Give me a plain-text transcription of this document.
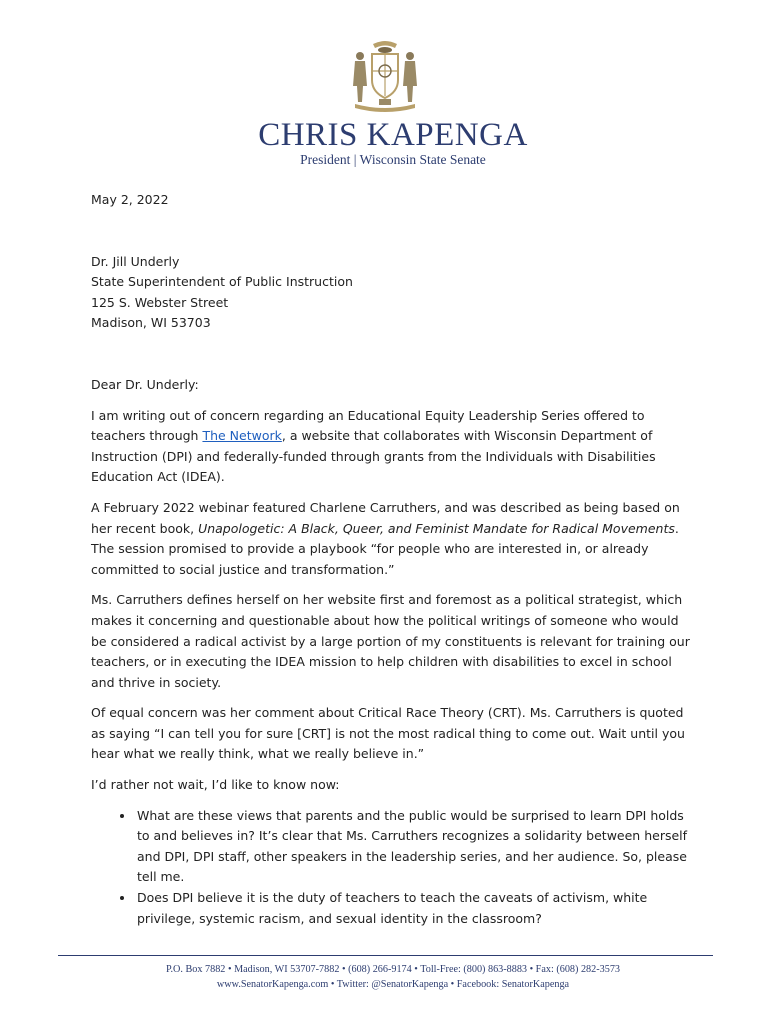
CHRIS KAPENGA
President | Wisconsin State Senate

May 2, 2022

Dr. Jill Underly

State Superintendent of Public Instruction

125 S. Webster Street

Madison, WI 53703

Dear Dr. Underly:

I am writing out of concern regarding an Educational Equity Leadership Series offered to teachers through The Network, a website that collaborates with Wisconsin Department of Instruction (DPI) and federally-funded through grants from the Individuals with Disabilities Education Act (IDEA).

A February 2022 webinar featured Charlene Carruthers, and was described as being based on her recent book, Unapologetic: A Black, Queer, and Feminist Mandate for Radical Movements. The session promised to provide a playbook “for people who are interested in, or already committed to social justice and transformation.”

Ms. Carruthers defines herself on her website first and foremost as a political strategist, which makes it concerning and questionable about how the political writings of someone who would be considered a radical activist by a large portion of my constituents is relevant for training our teachers, or in executing the IDEA mission to help children with disabilities to excel in school and thrive in society.

Of equal concern was her comment about Critical Race Theory (CRT). Ms. Carruthers is quoted as saying “I can tell you for sure [CRT] is not the most radical thing to come out. Wait until you hear what we really think, what we really believe in.”

I’d rather not wait, I’d like to know now:

• What are these views that parents and the public would be surprised to learn DPI holds to and believes in? It’s clear that Ms. Carruthers recognizes a solidarity between herself and DPI, DPI staff, other speakers in the leadership series, and her audience. So, please tell me.
• Does DPI believe it is the duty of teachers to teach the caveats of activism, white privilege, systemic racism, and sexual identity in the classroom?
P.O. Box 7882 • Madison, WI 53707-7882 • (608) 266-9174 • Toll-Free: (800) 863-8883 • Fax: (608) 282-3573
www.SenatorKapenga.com • Twitter: @SenatorKapenga • Facebook: SenatorKapenga
